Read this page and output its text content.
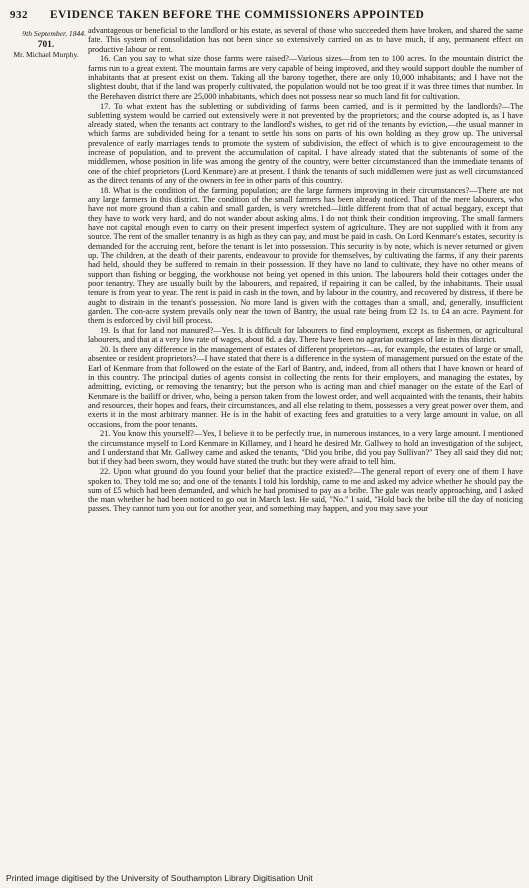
932 EVIDENCE TAKEN BEFORE THE COMMISSIONERS APPOINTED
9th September, 1844.
701.
Mr. Michael Murphy.

advantageous or beneficial to the landlord or his estate, as several of those who succeeded them have broken, and shared the same fate. This system of consolidation has not been since so extensively carried on as to have much, if any, permanent effect on productive labour or rent.

16. Can you say to what size those farms were raised?—Various sizes—from ten to 100 acres. In the mountain district the farms run to a great extent. The mountain farms are very capable of being improved, and they would support double the number of inhabitants that at present exist on them. Taking all the barony together, there are only 10,000 inhabitants; and I have not the slightest doubt, that if the land was properly cultivated, the population would not be too great if it was three times that number. In the Berehaven district there are 25,000 inhabitants, which does not possess near so much land fit for cultivation.

17. To what extent has the subletting or subdividing of farms been carried, and is it permitted by the landlords?—The subletting system would be carried out extensively were it not prevented by the proprietors; and the course adopted is, as I have already stated, when the tenants act contrary to the landlord's wishes, to get rid of the tenants by eviction,—the usual manner in which farms are subdivided being for a tenant to settle his sons on parts of his own holding as they grow up. The universal prevalence of early marriages tends to promote the system of subdivision, the effect of which is to give encouragement to the increase of population, and to prevent the accumulation of capital. I have already stated that the subtenants of some of the middlemen, whose position in life was among the gentry of the country, were better circumstanced than the immediate tenants of one of the chief proprietors (Lord Kenmare) are at present. I think the tenants of such middlemen were just as well circumstanced as the direct tenants of any of the owners in fee in other parts of this country.

18. What is the condition of the farming population; are the large farmers improving in their circumstances?—There are not any large farmers in this district. The condition of the small farmers has been already noticed. That of the mere labourers, who have not more ground than a cabin and small garden, is very wretched—little different from that of actual beggary, except that they have to work very hard, and do not wander about asking alms. I do not think their condition improving. The small farmers have not capital enough even to carry on their present imperfect system of agriculture. They are not supplied with it from any source. The rent of the smaller tenantry is as high as they can pay, and must be paid in cash. On Lord Kenmare's estates, security is demanded for the accruing rent, before the tenant is let into possession. This security is by note, which is never returned or given up. The children, at the death of their parents, endeavour to provide for themselves, by cultivating the farms, if any their parents had held, should they be suffered to remain in their possession. If they have no land to cultivate, they have no other means of support than fishing or begging, the workhouse not being yet opened in this union. The labourers hold their cottages under the poor tenantry. They are usually built by the labourers, and repaired, if repairing it can be called, by the inhabitants. Their usual tenure is from year to year. The rent is paid in cash in the town, and by labour in the country, and recovered by distress, if there be aught to distrain in the tenant's possession. No more land is given with the cottages than a small, and, generally, insufficient garden. The con-acre system prevails only near the town of Bantry, the usual rate being from £2 1s. to £4 an acre. Payment for them is enforced by civil bill process.

19. Is that for land not manured?—Yes. It is difficult for labourers to find employment, except as fishermen, or agricultural labourers, and that at a very low rate of wages, about 8d. a day. There have been no agrarian outrages of late in this district.

20. Is there any difference in the management of estates of different proprietors—as, for example, the estates of large or small, absentee or resident proprietors?—I have stated that there is a difference in the system of management pursued on the estate of the Earl of Kenmare from that followed on the estate of the Earl of Bantry, and, indeed, from all others that I have known or heard of in this country. The principal duties of agents consist in collecting the rents for their employers, and managing the estates, by admitting, evicting, or removing the tenantry; but the person who is acting man and chief manager on the estate of the Earl of Kenmare is the bailiff or driver, who, being a person taken from the lowest order, and well acquainted with the tenants, their habits and resources, their hopes and fears, their circumstances, and all else relating to them, possesses a very great power over them, and exerts it in the most arbitrary manner. He is in the habit of exacting fees and gratuities to a very large amount in value, on all occasions, from the poor tenants.

21. You know this yourself?—Yes, I believe it to be perfectly true, in numerous instances, to a very large amount. I mentioned the circumstance myself to Lord Kenmare in Killarney, and I heard he desired Mr. Gallwey to hold an investigation of the subject, and I understand that Mr. Gallwey came and asked the tenants, "Did you bribe, did you pay Sullivan?" They all said they did not; but if they had been sworn, they would have stated the truth: but they were afraid to tell him.

22. Upon what ground do you found your belief that the practice existed?—The general report of every one of them I have spoken to. They told me so; and one of the tenants I told his lordship, came to me and asked my advice whether he should pay the sum of £5 which had been demanded, and which he had promised to pay as a bribe. The gale was nearly approaching, and I asked the man whether he had been noticed to go out in March last. He said, "No." I said, "Hold back the bribe till the day of noticing passes. They cannot turn you out for another year, and something may happen, and you may save your

Printed image digitised by the University of Southampton Library Digitisation Unit
